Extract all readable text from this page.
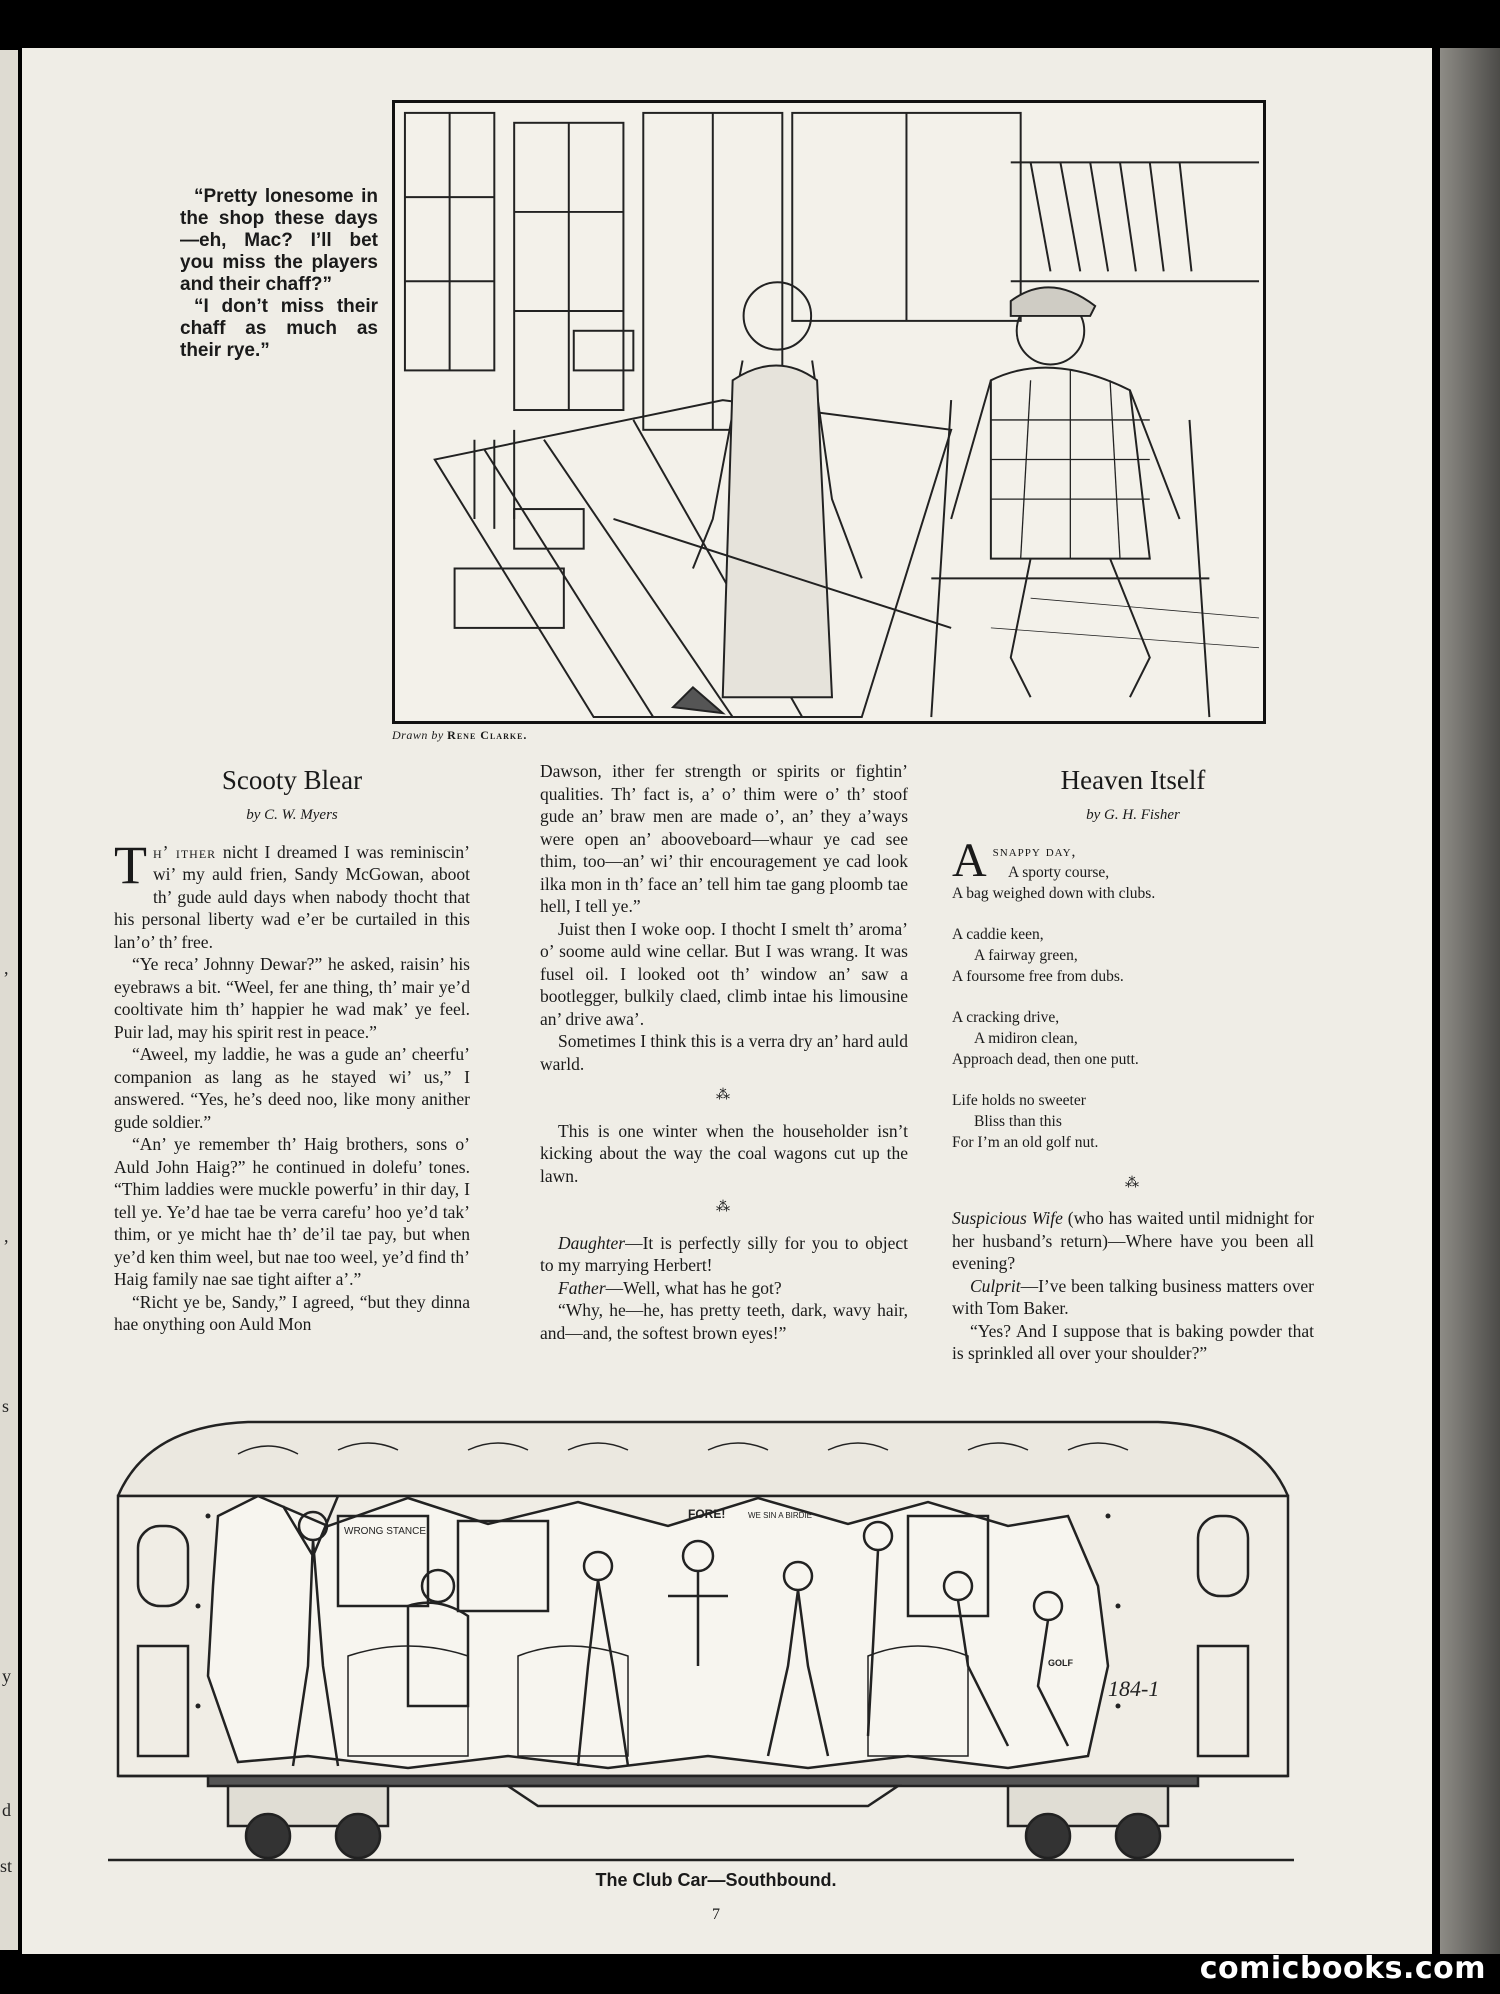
,
,
s
y
d
st

“Pretty lonesome in the shop these days—eh, Mac? I’ll bet you miss the players and their chaff?”

“I don’t miss their chaff as much as their rye.”

Drawn by Rene Clarke.
Scooty Blear
by C. W. Myers

Th’ ither nicht I dreamed I was reminiscin’ wi’ my auld frien, Sandy McGowan, aboot th’ gude auld days when nabody thocht that his personal liberty wad e’er be curtailed in this lan’o’ th’ free.

“Ye reca’ Johnny Dewar?” he asked, raisin’ his eyebraws a bit. “Weel, fer ane thing, th’ mair ye’d cooltivate him th’ happier he wad mak’ ye feel. Puir lad, may his spirit rest in peace.”

“Aweel, my laddie, he was a gude an’ cheerfu’ companion as lang as he stayed wi’ us,” I answered. “Yes, he’s deed noo, like mony anither gude soldier.”

“An’ ye remember th’ Haig brothers, sons o’ Auld John Haig?” he continued in dolefu’ tones. “Thim laddies were muckle powerfu’ in thir day, I tell ye. Ye’d hae tae be verra carefu’ hoo ye’d tak’ thim, or ye micht hae th’ de’il tae pay, but when ye’d ken thim weel, but nae too weel, ye’d find th’ Haig family nae sae tight aifter a’.”

“Richt ye be, Sandy,” I agreed, “but they dinna hae onything oon Auld Mon

Dawson, ither fer strength or spirits or fightin’ qualities. Th’ fact is, a’ o’ thim were o’ th’ stoof gude an’ braw men are made o’, an’ they a’ways were open an’ abooveboard—whaur ye cad see thim, too—an’ wi’ thir encouragement ye cad look ilka mon in th’ face an’ tell him tae gang ploomb tae hell, I tell ye.”

Juist then I woke oop. I thocht I smelt th’ aroma’ o’ soome auld wine cellar. But I was wrang. It was fusel oil. I looked oot th’ window an’ saw a bootlegger, bulkily claed, climb intae his limousine an’ drive awa’.

Sometimes I think this is a verra dry an’ hard auld warld.

⁂

This is one winter when the householder isn’t kicking about the way the coal wagons cut up the lawn.

⁂

Daughter—It is perfectly silly for you to object to my marrying Herbert!

Father—Well, what has he got?

“Why, he—he, has pretty teeth, dark, wavy hair, and—and, the softest brown eyes!”

Heaven Itself
by G. H. Fisher
Asnappy day,
A sporty course,
A bag weighed down with clubs.
A caddie keen,
A fairway green,
A foursome free from dubs.
A cracking drive,
A midiron clean,
Approach dead, then one putt.
Life holds no sweeter
Bliss than this
For I’m an old golf nut.
⁂

Suspicious Wife (who has waited until midnight for her husband’s return)—Where have you been all evening?

Culprit—I’ve been talking business matters over with Tom Baker.

“Yes? And I suppose that is baking powder that is sprinkled all over your shoulder?”

WRONG STANCE
FORE!	WE SIN A BIRDIE
GOLF
184-1
The Club Car—Southbound.
7
comicbooks.com
